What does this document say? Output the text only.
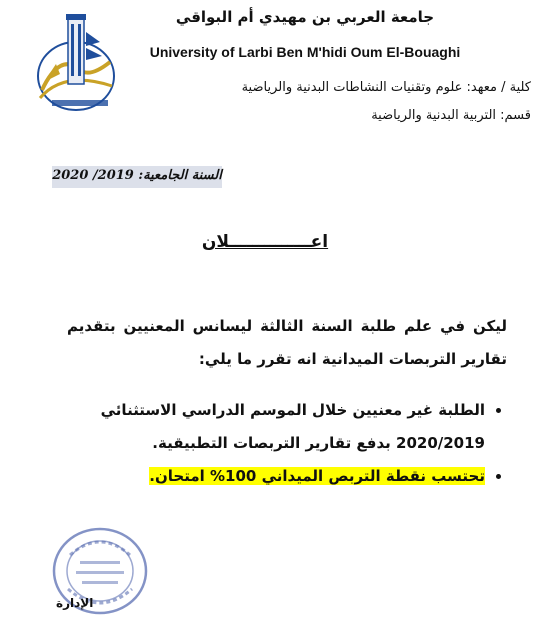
جامعة العربي بن مهيدي أم البواقي
University of Larbi Ben M'hidi Oum El-Bouaghi
كلية / معهد: علوم وتقنيات النشاطات البدنية والرياضية
قسم: التربية البدنية والرياضية
السنة الجامعية: 2019/ 2020
اعــــــــــــــلان
ليكن في علم طلبة السنة الثالثة ليسانس المعنيين بتقديم تقارير التربصات الميدانية انه تقرر ما يلي:
• الطلبة غير معنيين خلال الموسم الدراسي الاستثنائي 2020/2019 بدفع تقارير التربصات التطبيقية.
• تحتسب نقطة التربص الميداني 100% امتحان.
الإدارة
